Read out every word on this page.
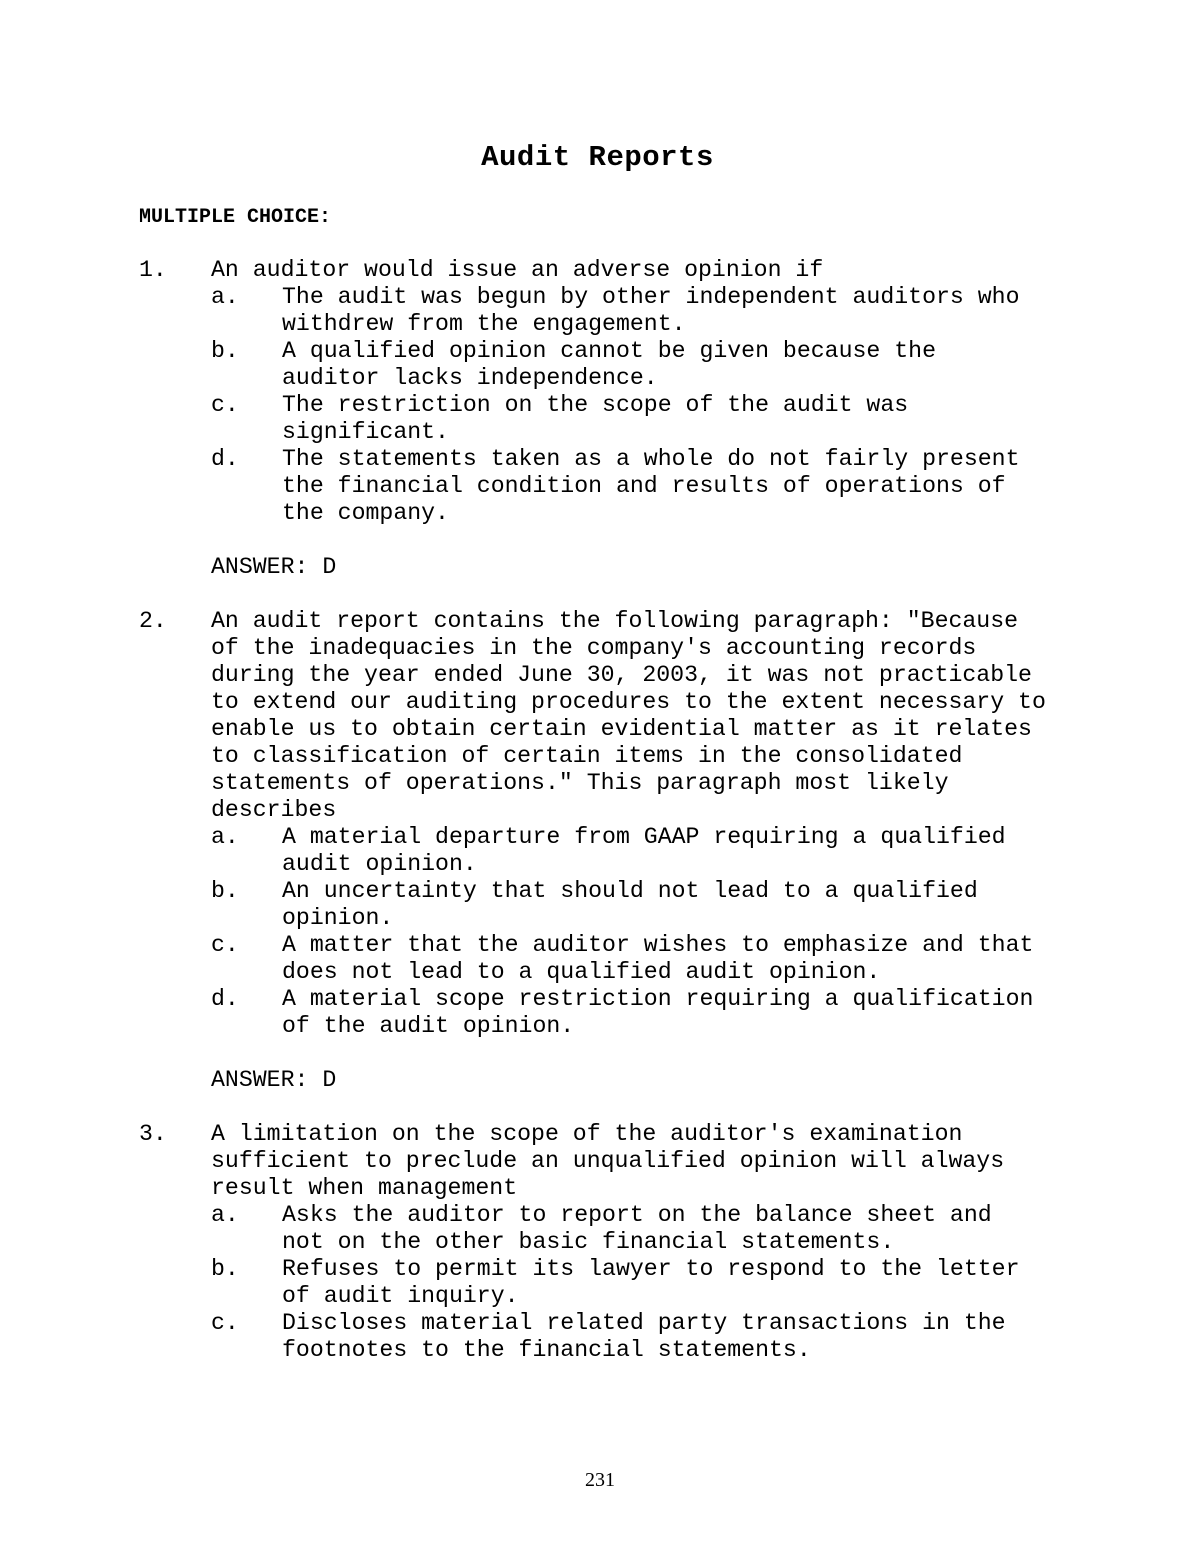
Audit Reports
MULTIPLE CHOICE:
1. An auditor would issue an adverse opinion if
a. The audit was begun by other independent auditors who
withdrew from the engagement.
b. A qualified opinion cannot be given because the
auditor lacks independence.
c. The restriction on the scope of the audit was
significant.
d. The statements taken as a whole do not fairly present
the financial condition and results of operations of
the company.
ANSWER: D
2. An audit report contains the following paragraph: "Because
of the inadequacies in the company's accounting records
during the year ended June 30, 2003, it was not practicable
to extend our auditing procedures to the extent necessary to
enable us to obtain certain evidential matter as it relates
to classification of certain items in the consolidated
statements of operations." This paragraph most likely
describes
a. A material departure from GAAP requiring a qualified
audit opinion.
b. An uncertainty that should not lead to a qualified
opinion.
c. A matter that the auditor wishes to emphasize and that
does not lead to a qualified audit opinion.
d. A material scope restriction requiring a qualification
of the audit opinion.
ANSWER: D
3. A limitation on the scope of the auditor's examination
sufficient to preclude an unqualified opinion will always
result when management
a. Asks the auditor to report on the balance sheet and
not on the other basic financial statements.
b. Refuses to permit its lawyer to respond to the letter
of audit inquiry.
c. Discloses material related party transactions in the
footnotes to the financial statements.
231
